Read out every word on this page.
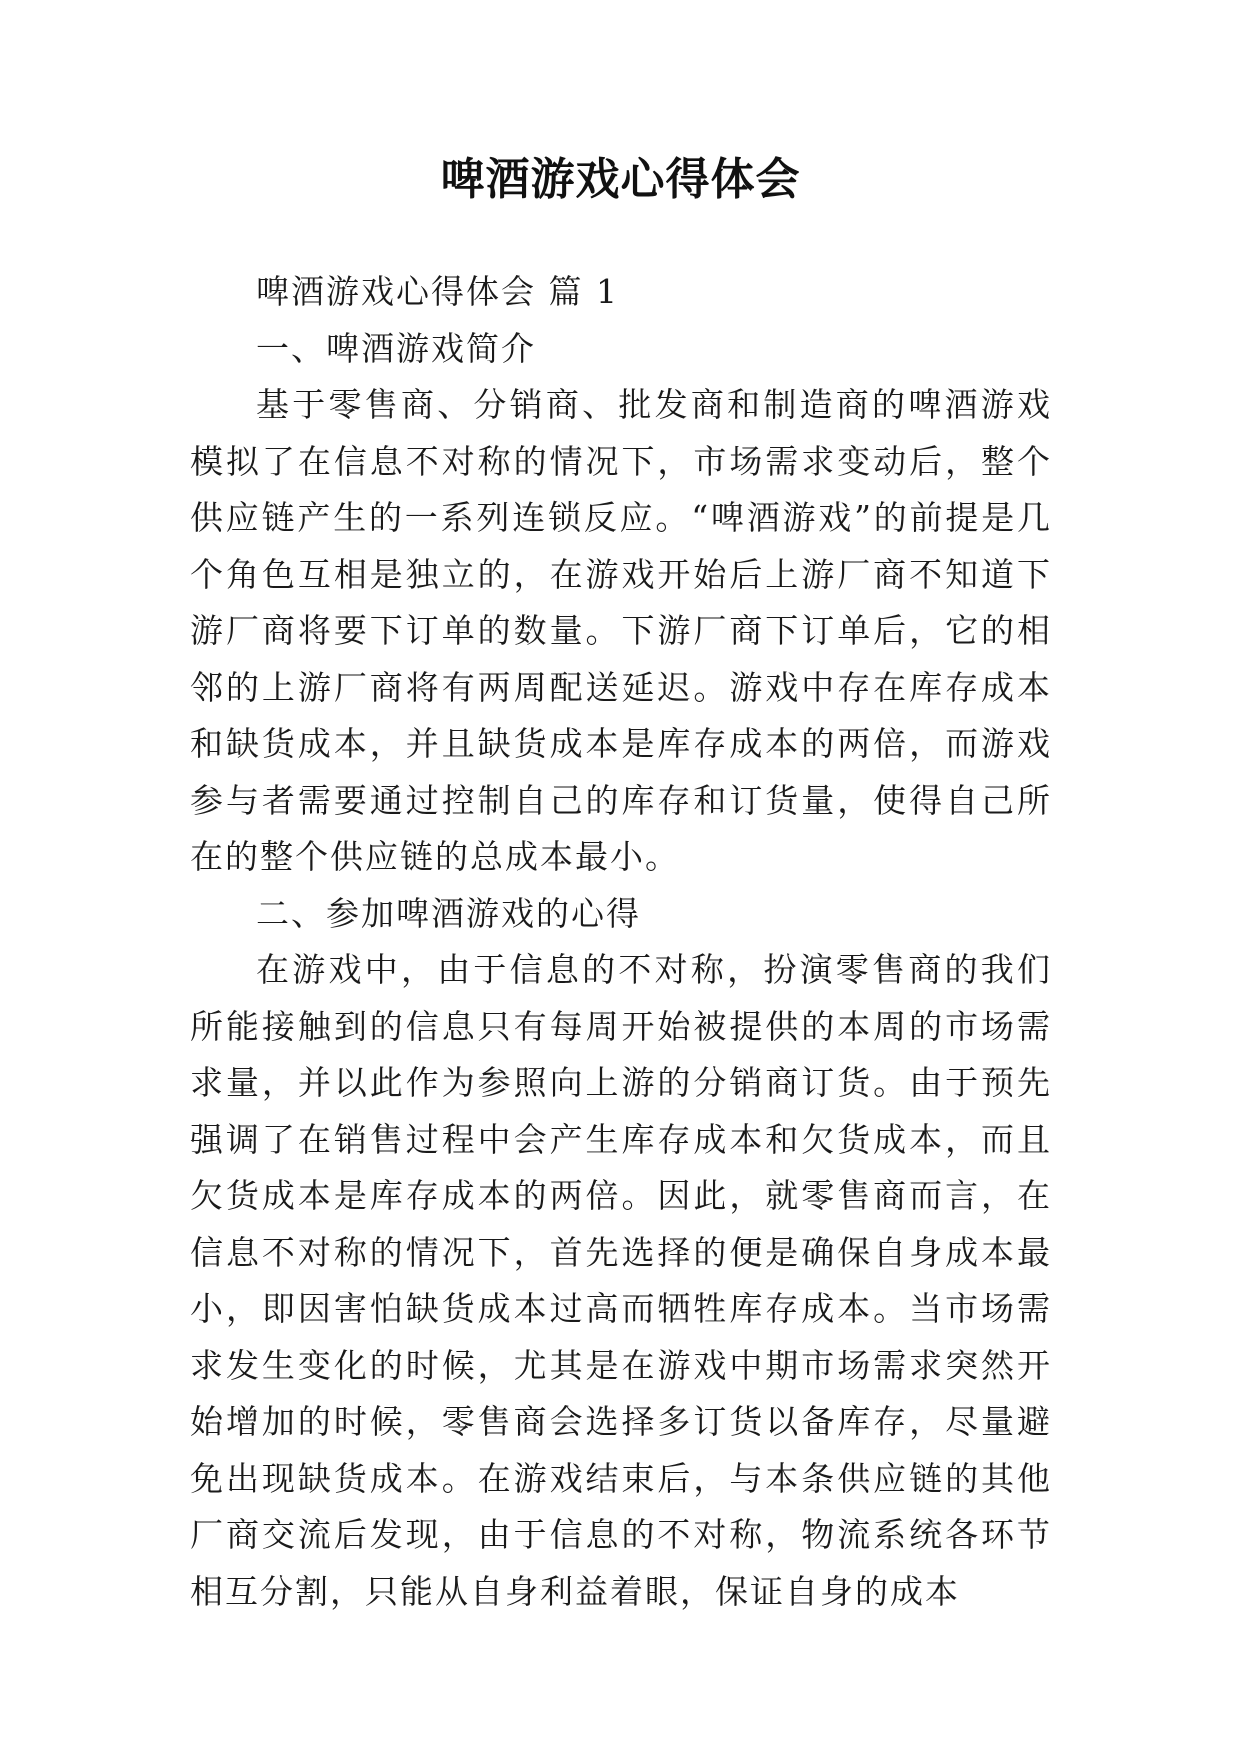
啤酒游戏心得体会

啤酒游戏心得体会 篇 1

一、啤酒游戏简介

基于零售商、分销商、批发商和制造商的啤酒游戏模拟了在信息不对称的情况下，市场需求变动后，整个供应链产生的一系列连锁反应。“啤酒游戏”的前提是几个角色互相是独立的，在游戏开始后上游厂商不知道下游厂商将要下订单的数量。下游厂商下订单后，它的相邻的上游厂商将有两周配送延迟。游戏中存在库存成本和缺货成本，并且缺货成本是库存成本的两倍，而游戏参与者需要通过控制自己的库存和订货量，使得自己所在的整个供应链的总成本最小。

二、参加啤酒游戏的心得

在游戏中，由于信息的不对称，扮演零售商的我们所能接触到的信息只有每周开始被提供的本周的市场需求量，并以此作为参照向上游的分销商订货。由于预先强调了在销售过程中会产生库存成本和欠货成本，而且欠货成本是库存成本的两倍。因此，就零售商而言，在信息不对称的情况下，首先选择的便是确保自身成本最小，即因害怕缺货成本过高而牺牲库存成本。当市场需求发生变化的时候，尤其是在游戏中期市场需求突然开始增加的时候，零售商会选择多订货以备库存，尽量避免出现缺货成本。在游戏结束后，与本条供应链的其他厂商交流后发现，由于信息的不对称，物流系统各环节相互分割，只能从自身利益着眼，保证自身的成本
